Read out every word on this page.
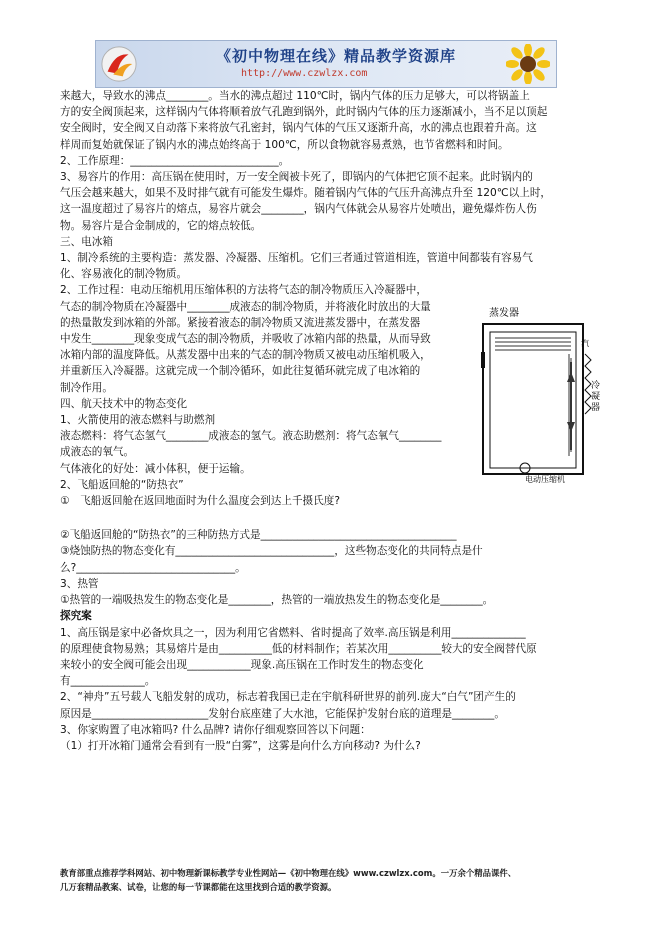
《初中物理在线》精品教学资源库
http://www.czwlzx.com

来越大，导致水的沸点________。当水的沸点超过 110℃时，锅内气体的压力足够大，可以将锅盖上

方的安全阀顶起来，这样锅内气体将顺着放气孔跑到锅外，此时锅内气体的压力逐渐减小，当不足以顶起

安全阀时，安全阀又自动落下来将放气孔密封，锅内气体的气压又逐渐升高，水的沸点也跟着升高。这

样周而复始就保证了锅内水的沸点始终高于 100℃，所以食物就容易煮熟，也节省燃料和时间。

2、工作原理：____________________________。

3、易容片的作用：高压锅在使用时，万一安全阀被卡死了，即锅内的气体把它顶不起来。此时锅内的

气压会越来越大，如果不及时排气就有可能发生爆炸。随着锅内气体的气压升高沸点升至 120℃以上时，

这一温度超过了易容片的熔点，易容片就会________，锅内气体就会从易容片处喷出，避免爆炸伤人伤

物。易容片是合金制成的，它的熔点较低。

三、电冰箱

1、制冷系统的主要构造：蒸发器、冷凝器、压缩机。它们三者通过管道相连，管道中间都装有容易气

化、容易液化的制冷物质。

2、工作过程：电动压缩机用压缩体积的方法将气态的制冷物质压入冷凝器中，

气态的制冷物质在冷凝器中________成液态的制冷物质，并将液化时放出的大量

的热量散发到冰箱的外部。紧接着液态的制冷物质又流进蒸发器中，在蒸发器

中发生________现象变成气态的制冷物质，并吸收了冰箱内部的热量，从而导致

冰箱内部的温度降低。从蒸发器中出来的气态的制冷物质又被电动压缩机吸入，

并重新压入冷凝器。这就完成一个制冷循环，如此往复循环就完成了电冰箱的

制冷作用。

四、航天技术中的物态变化

1、火箭使用的液态燃料与助燃剂

液态燃料：将气态氢气________成液态的氢气。液态助燃剂：将气态氧气________

成液态的氧气。

气体液化的好处：减小体积，便于运输。

2、飞船返回舱的“防热衣”

①　飞船返回舱在返回地面时为什么温度会到达上千摄氏度?

②飞船返回舱的“防热衣”的三种防热方式是_____________________________________

③烧蚀防热的物态变化有______________________________，这些物态变化的共同特点是什

么?______________________________。

3、热管

①热管的一端吸热发生的物态变化是________，热管的一端放热发生的物态变化是________。

探究案

1、高压锅是家中必备炊具之一，因为利用它省燃料、省时提高了效率.高压锅是利用______________

的原理使食物易熟；其易熔片是由__________低的材料制作；若某次用__________较大的安全阀替代原

来较小的安全阀可能会出现____________现象.高压锅在工作时发生的物态变化

有______________。

2、“神舟”五号载人飞船发射的成功，标志着我国已走在宇航科研世界的前列.庞大“白气”团产生的

原因是______________________发射台底座建了大水池，它能保护发射台底的道理是________。

3、你家购置了电冰箱吗? 什么品牌? 请你仔细观察回答以下问题：

（1）打开冰箱门通常会看到有一股“白雾”，这雾是向什么方向移动? 为什么?

蒸发器
汽
冷凝器
电动压缩机

教育部重点推荐学科网站、初中物理新课标教学专业性网站—《初中物理在线》www.czwlzx.com。一万余个精品课件、

几万套精品教案、试卷，让您的每一节课都能在这里找到合适的教学资源。
